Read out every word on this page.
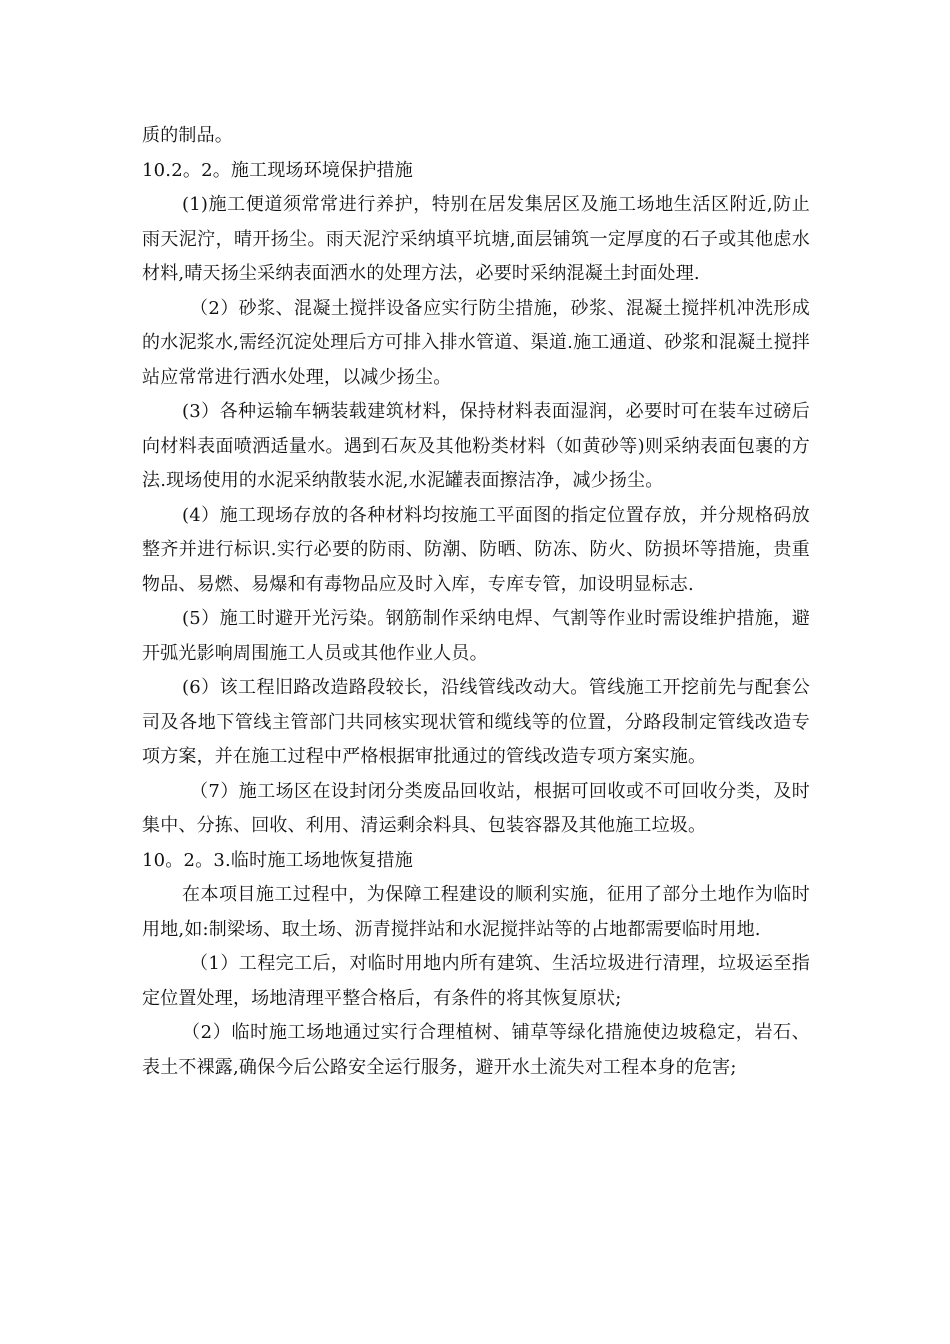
质的制品。

10.2。2。施工现场环境保护措施

(1)施工便道须常常进行养护，特别在居发集居区及施工场地生活区附近,防止雨天泥泞，晴开扬尘。雨天泥泞采纳填平坑塘,面层铺筑一定厚度的石子或其他虑水材料,晴天扬尘采纳表面洒水的处理方法，必要时采纳混凝土封面处理.

（2）砂浆、混凝土搅拌设备应实行防尘措施，砂浆、混凝土搅拌机冲洗形成的水泥浆水,需经沉淀处理后方可排入排水管道、渠道.施工通道、砂浆和混凝土搅拌站应常常进行洒水处理，以减少扬尘。

(3）各种运输车辆装载建筑材料，保持材料表面湿润，必要时可在装车过磅后向材料表面喷洒适量水。遇到石灰及其他粉类材料（如黄砂等)则采纳表面包裹的方法.现场使用的水泥采纳散装水泥,水泥罐表面擦洁净，减少扬尘。

(4）施工现场存放的各种材料均按施工平面图的指定位置存放，并分规格码放整齐并进行标识.实行必要的防雨、防潮、防晒、防冻、防火、防损坏等措施，贵重物品、易燃、易爆和有毒物品应及时入库，专库专管，加设明显标志.

(5）施工时避开光污染。钢筋制作采纳电焊、气割等作业时需设维护措施，避开弧光影响周围施工人员或其他作业人员。

(6）该工程旧路改造路段较长，沿线管线改动大。管线施工开挖前先与配套公司及各地下管线主管部门共同核实现状管和缆线等的位置，分路段制定管线改造专项方案，并在施工过程中严格根据审批通过的管线改造专项方案实施。

（7）施工场区在设封闭分类废品回收站，根据可回收或不可回收分类，及时集中、分拣、回收、利用、清运剩余料具、包装容器及其他施工垃圾。

10。2。3.临时施工场地恢复措施

在本项目施工过程中，为保障工程建设的顺利实施，征用了部分土地作为临时用地,如:制梁场、取土场、沥青搅拌站和水泥搅拌站等的占地都需要临时用地.

（1）工程完工后，对临时用地内所有建筑、生活垃圾进行清理，垃圾运至指定位置处理，场地清理平整合格后，有条件的将其恢复原状;

（2）临时施工场地通过实行合理植树、铺草等绿化措施使边坡稳定，岩石、表土不裸露,确保今后公路安全运行服务，避开水土流失对工程本身的危害;
